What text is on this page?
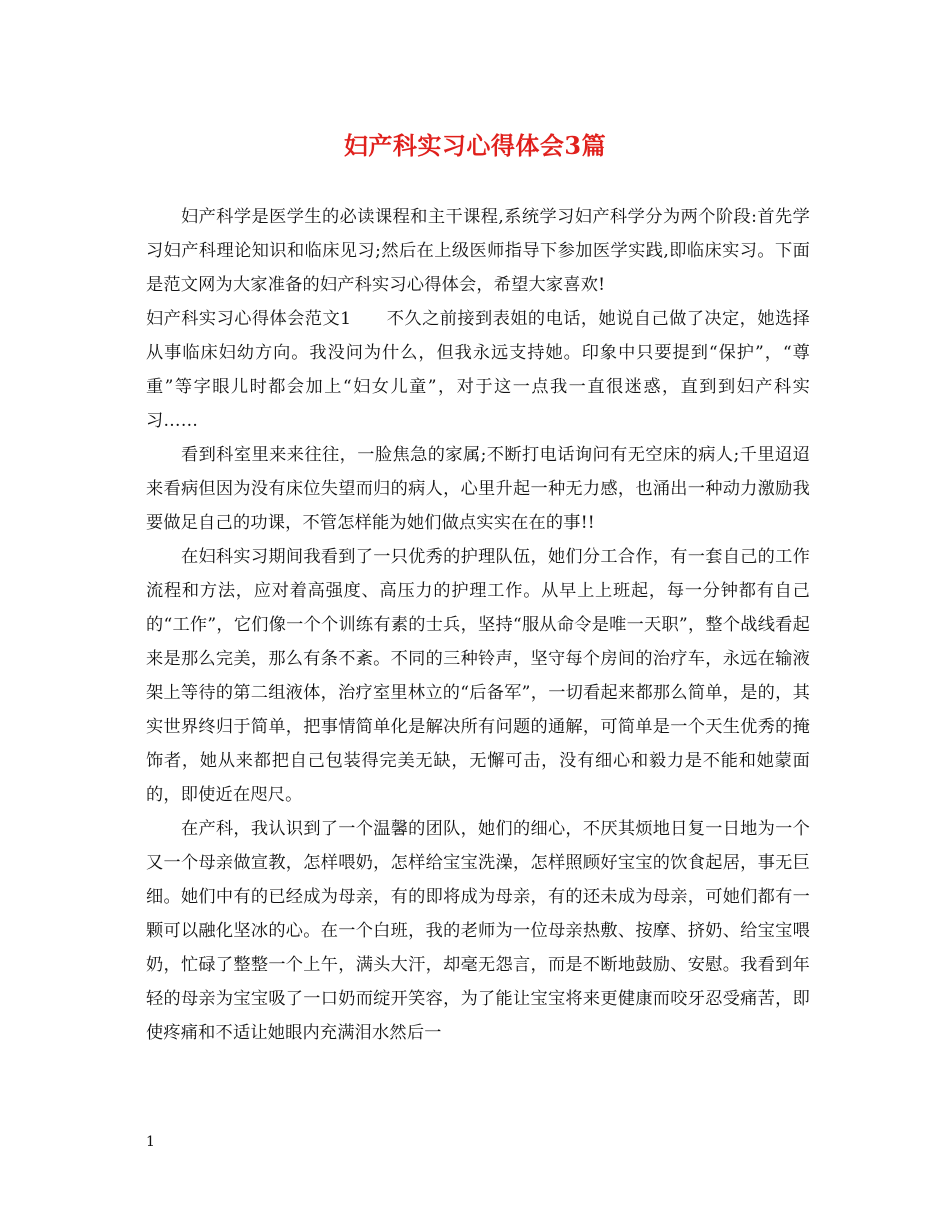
妇产科实习心得体会3篇

妇产科学是医学生的必读课程和主干课程,系统学习妇产科学分为两个阶段:首先学习妇产科理论知识和临床见习;然后在上级医师指导下参加医学实践,即临床实习。下面是范文网为大家准备的妇产科实习心得体会，希望大家喜欢!

妇产科实习心得体会范文1　　不久之前接到表姐的电话，她说自己做了决定，她选择从事临床妇幼方向。我没问为什么，但我永远支持她。印象中只要提到“保护”，“尊重”等字眼儿时都会加上“妇女儿童”，对于这一点我一直很迷惑，直到到妇产科实习……

看到科室里来来往往，一脸焦急的家属;不断打电话询问有无空床的病人;千里迢迢来看病但因为没有床位失望而归的病人，心里升起一种无力感，也涌出一种动力激励我要做足自己的功课，不管怎样能为她们做点实实在在的事!!

在妇科实习期间我看到了一只优秀的护理队伍，她们分工合作，有一套自己的工作流程和方法，应对着高强度、高压力的护理工作。从早上上班起，每一分钟都有自己的“工作”，它们像一个个训练有素的士兵，坚持“服从命令是唯一天职”，整个战线看起来是那么完美，那么有条不紊。不同的三种铃声，坚守每个房间的治疗车，永远在输液架上等待的第二组液体，治疗室里林立的“后备军”，一切看起来都那么简单，是的，其实世界终归于简单，把事情简单化是解决所有问题的通解，可简单是一个天生优秀的掩饰者，她从来都把自己包装得完美无缺，无懈可击，没有细心和毅力是不能和她蒙面的，即使近在咫尺。

在产科，我认识到了一个温馨的团队，她们的细心，不厌其烦地日复一日地为一个又一个母亲做宣教，怎样喂奶，怎样给宝宝洗澡，怎样照顾好宝宝的饮食起居，事无巨细。她们中有的已经成为母亲，有的即将成为母亲，有的还未成为母亲，可她们都有一颗可以融化坚冰的心。在一个白班，我的老师为一位母亲热敷、按摩、挤奶、给宝宝喂奶，忙碌了整整一个上午，满头大汗，却毫无怨言，而是不断地鼓励、安慰。我看到年轻的母亲为宝宝吸了一口奶而绽开笑容，为了能让宝宝将来更健康而咬牙忍受痛苦，即使疼痛和不适让她眼内充满泪水然后一

1
